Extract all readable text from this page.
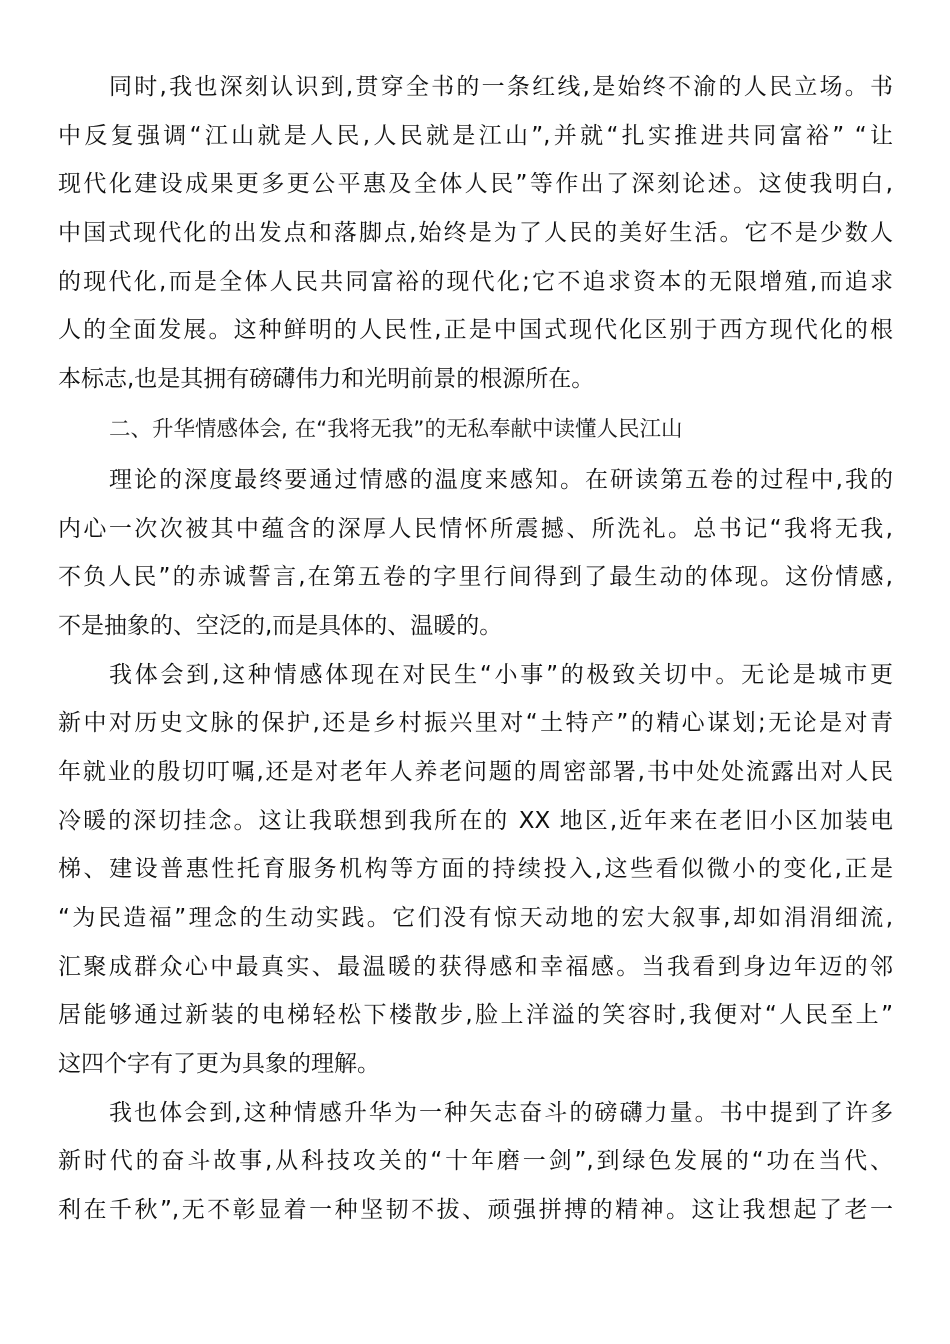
同时,我也深刻认识到,贯穿全书的一条红线,是始终不渝的人民立场。书
中反复强调“江山就是人民,人民就是江山”,并就“扎实推进共同富裕” “让
现代化建设成果更多更公平惠及全体人民”等作出了深刻论述。这使我明白,
中国式现代化的出发点和落脚点,始终是为了人民的美好生活。它不是少数人
的现代化,而是全体人民共同富裕的现代化;它不追求资本的无限增殖,而追求
人的全面发展。这种鲜明的人民性,正是中国式现代化区别于西方现代化的根
本标志,也是其拥有磅礴伟力和光明前景的根源所在。
二、升华情感体会, 在“我将无我”的无私奉献中读懂人民江山
理论的深度最终要通过情感的温度来感知。在研读第五卷的过程中,我的
内心一次次被其中蕴含的深厚人民情怀所震撼、所洗礼。总书记“我将无我,
不负人民”的赤诚誓言,在第五卷的字里行间得到了最生动的体现。这份情感,
不是抽象的、空泛的,而是具体的、温暖的。
我体会到,这种情感体现在对民生“小事”的极致关切中。无论是城市更
新中对历史文脉的保护,还是乡村振兴里对“土特产”的精心谋划;无论是对青
年就业的殷切叮嘱,还是对老年人养老问题的周密部署,书中处处流露出对人民
冷暖的深切挂念。这让我联想到我所在的 XX 地区,近年来在老旧小区加装电
梯、建设普惠性托育服务机构等方面的持续投入,这些看似微小的变化,正是
“为民造福”理念的生动实践。它们没有惊天动地的宏大叙事,却如涓涓细流,
汇聚成群众心中最真实、最温暖的获得感和幸福感。当我看到身边年迈的邻
居能够通过新装的电梯轻松下楼散步,脸上洋溢的笑容时,我便对“人民至上”
这四个字有了更为具象的理解。
我也体会到,这种情感升华为一种矢志奋斗的磅礴力量。书中提到了许多
新时代的奋斗故事,从科技攻关的“十年磨一剑”,到绿色发展的“功在当代、
利在千秋”,无不彰显着一种坚韧不拔、顽强拼搏的精神。这让我想起了老一
